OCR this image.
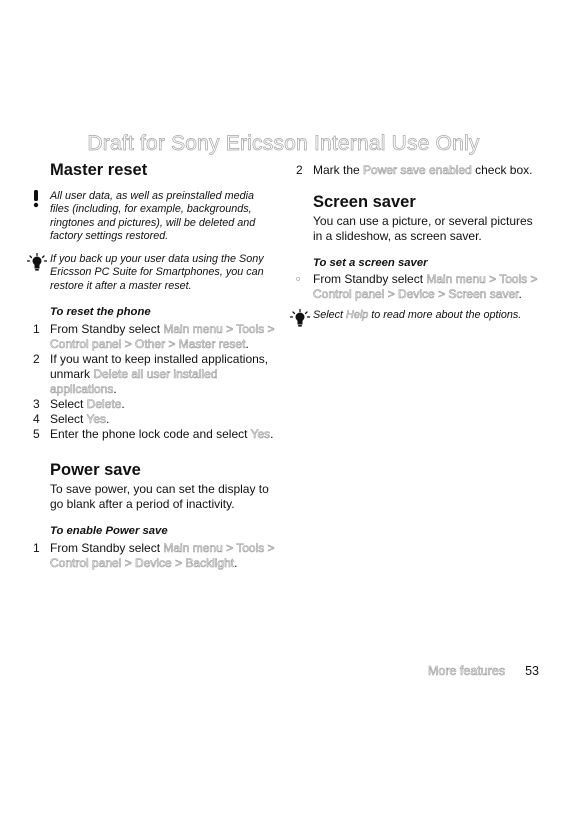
Draft for Sony Ericsson Internal Use Only
Master reset
All user data, as well as preinstalled media files (including, for example, backgrounds, ringtones and pictures), will be deleted and factory settings restored.
If you back up your user data using the Sony Ericsson PC Suite for Smartphones, you can restore it after a master reset.

To reset the phone

1 From Standby select Main menu > Tools > Control panel > Other > Master reset.
2 If you want to keep installed applications, unmark Delete all user installed applications.
3 Select Delete.
4 Select Yes.
5 Enter the phone lock code and select Yes.
Power save

To save power, you can set the display to go blank after a period of inactivity.

To enable Power save

1 From Standby select Main menu > Tools > Control panel > Device > Backlight.
2 Mark the Power save enabled check box.
Screen saver

You can use a picture, or several pictures in a slideshow, as screen saver.

To set a screen saver

• From Standby select Main menu > Tools > Control panel > Device > Screen saver.
Select Help to read more about the options.
More features 53
